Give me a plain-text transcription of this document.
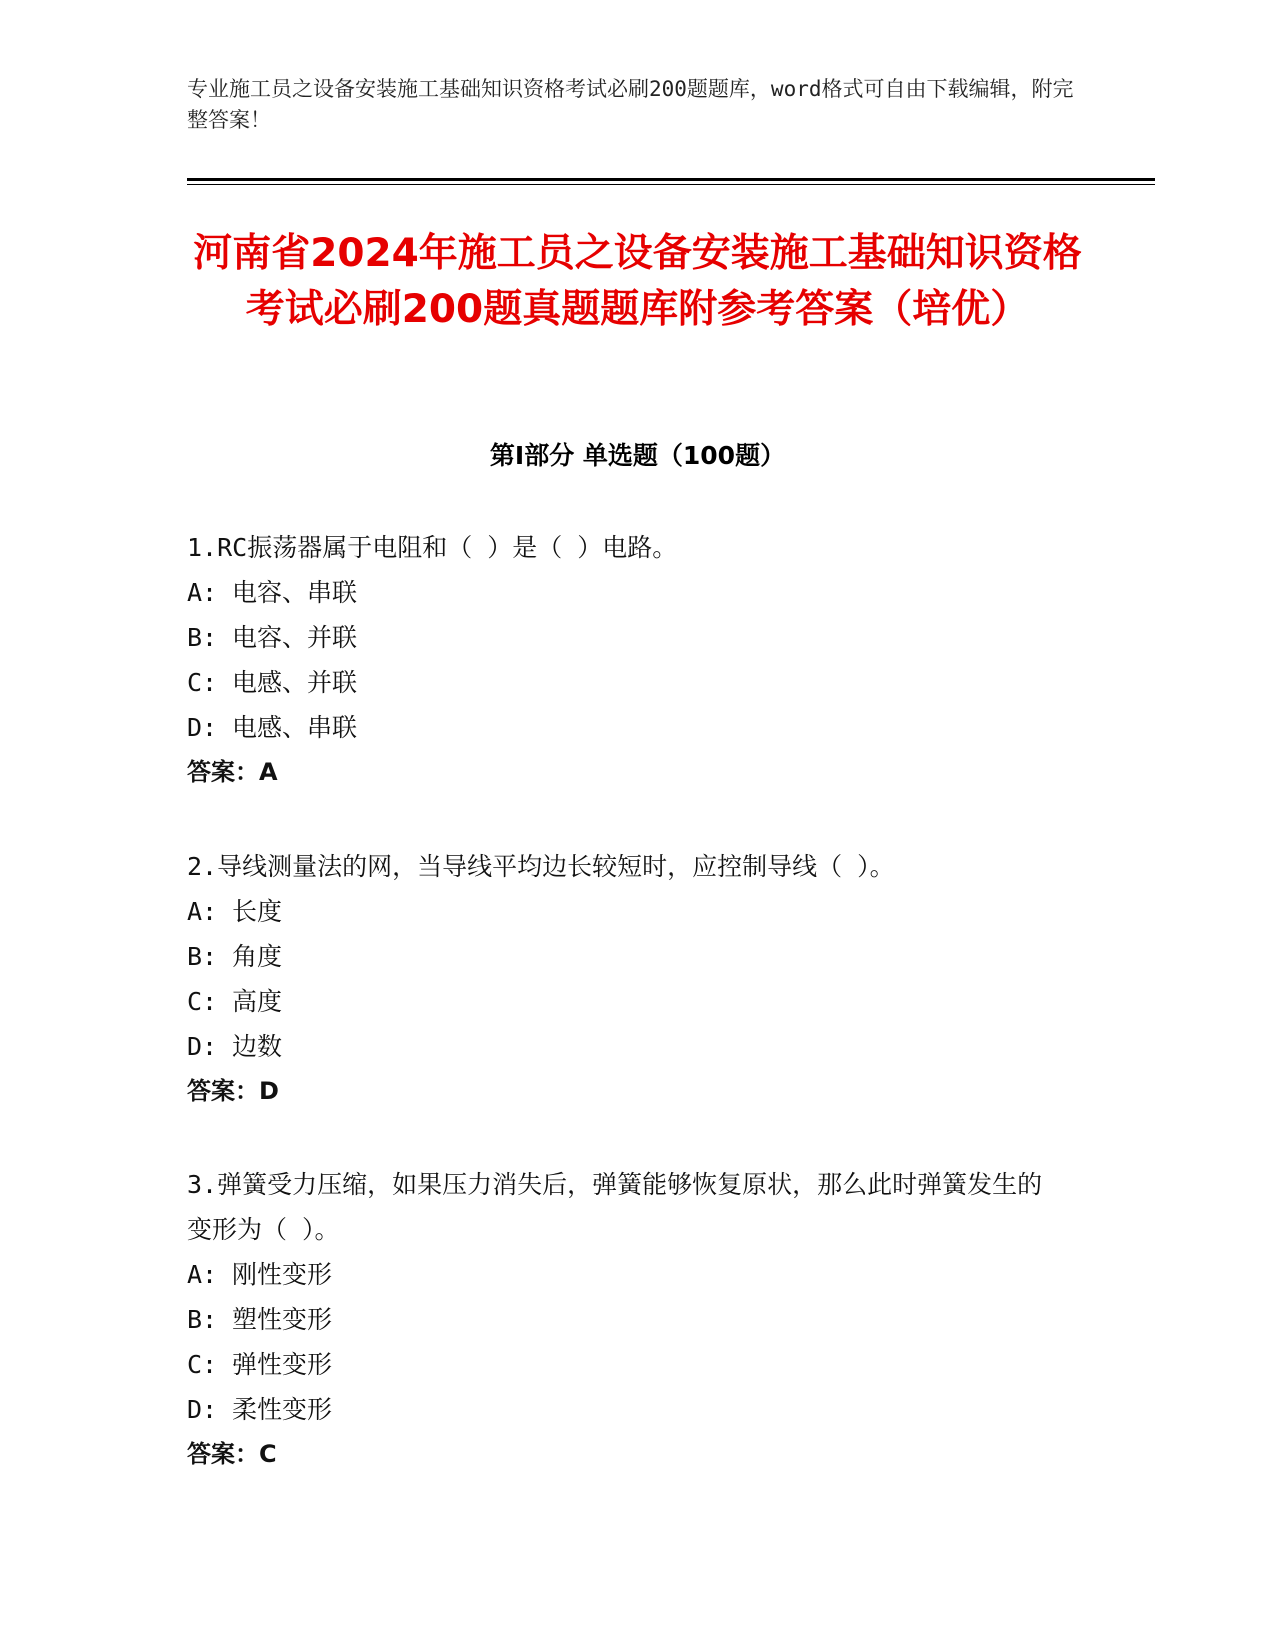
专业施工员之设备安装施工基础知识资格考试必刷200题题库，word格式可自由下载编辑，附完整答案！
河南省2024年施工员之设备安装施工基础知识资格考试必刷200题真题题库附参考答案（培优）
第I部分 单选题（100题）
1.RC振荡器属于电阻和（ ）是（ ）电路。
A: 电容、串联
B: 电容、并联
C: 电感、并联
D: 电感、串联
答案：A
2.导线测量法的网，当导线平均边长较短时，应控制导线（ ）。
A: 长度
B: 角度
C: 高度
D: 边数
答案：D
3.弹簧受力压缩，如果压力消失后，弹簧能够恢复原状，那么此时弹簧发生的变形为（ ）。
A: 刚性变形
B: 塑性变形
C: 弹性变形
D: 柔性变形
答案：C
